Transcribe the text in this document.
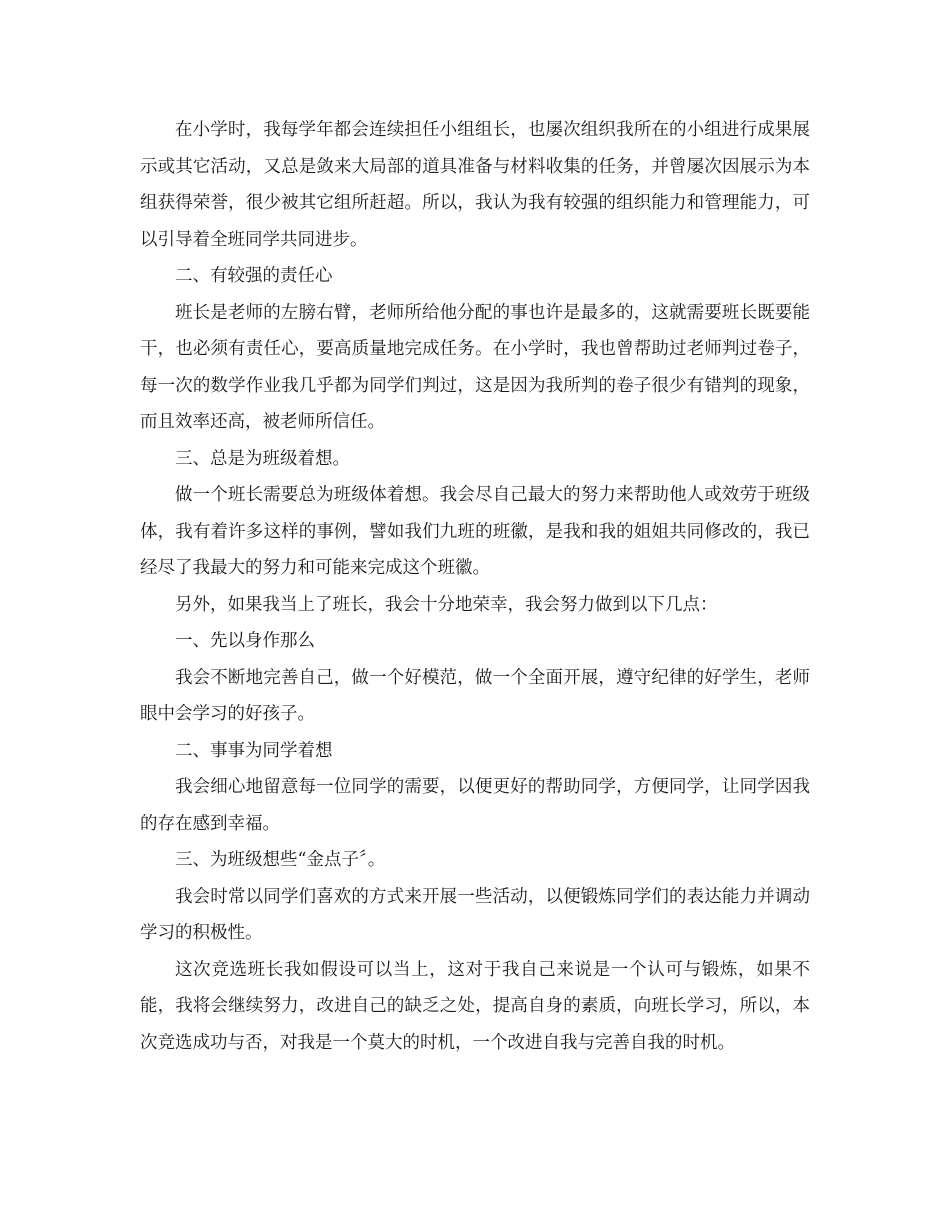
在小学时，我每学年都会连续担任小组组长，也屡次组织我所在的小组进行成果展示或其它活动，又总是敛来大局部的道具准备与材料收集的任务，并曾屡次因展示为本组获得荣誉，很少被其它组所赶超。所以，我认为我有较强的组织能力和管理能力，可以引导着全班同学共同进步。

二、有较强的责任心

班长是老师的左膀右臂，老师所给他分配的事也许是最多的，这就需要班长既要能干，也必须有责任心，要高质量地完成任务。在小学时，我也曾帮助过老师判过卷子，每一次的数学作业我几乎都为同学们判过，这是因为我所判的卷子很少有错判的现象，而且效率还高，被老师所信任。

三、总是为班级着想。

做一个班长需要总为班级体着想。我会尽自己最大的努力来帮助他人或效劳于班级体，我有着许多这样的事例，譬如我们九班的班徽，是我和我的姐姐共同修改的，我已经尽了我最大的努力和可能来完成这个班徽。

另外，如果我当上了班长，我会十分地荣幸，我会努力做到以下几点：

一、先以身作那么

我会不断地完善自己，做一个好模范，做一个全面开展，遵守纪律的好学生，老师眼中会学习的好孩子。

二、事事为同学着想

我会细心地留意每一位同学的需要，以便更好的帮助同学，方便同学，让同学因我的存在感到幸福。

三、为班级想些“金点子〞。

我会时常以同学们喜欢的方式来开展一些活动，以便锻炼同学们的表达能力并调动学习的积极性。

这次竞选班长我如假设可以当上，这对于我自己来说是一个认可与锻炼，如果不能，我将会继续努力，改进自己的缺乏之处，提高自身的素质，向班长学习，所以，本次竞选成功与否，对我是一个莫大的时机，一个改进自我与完善自我的时机。
